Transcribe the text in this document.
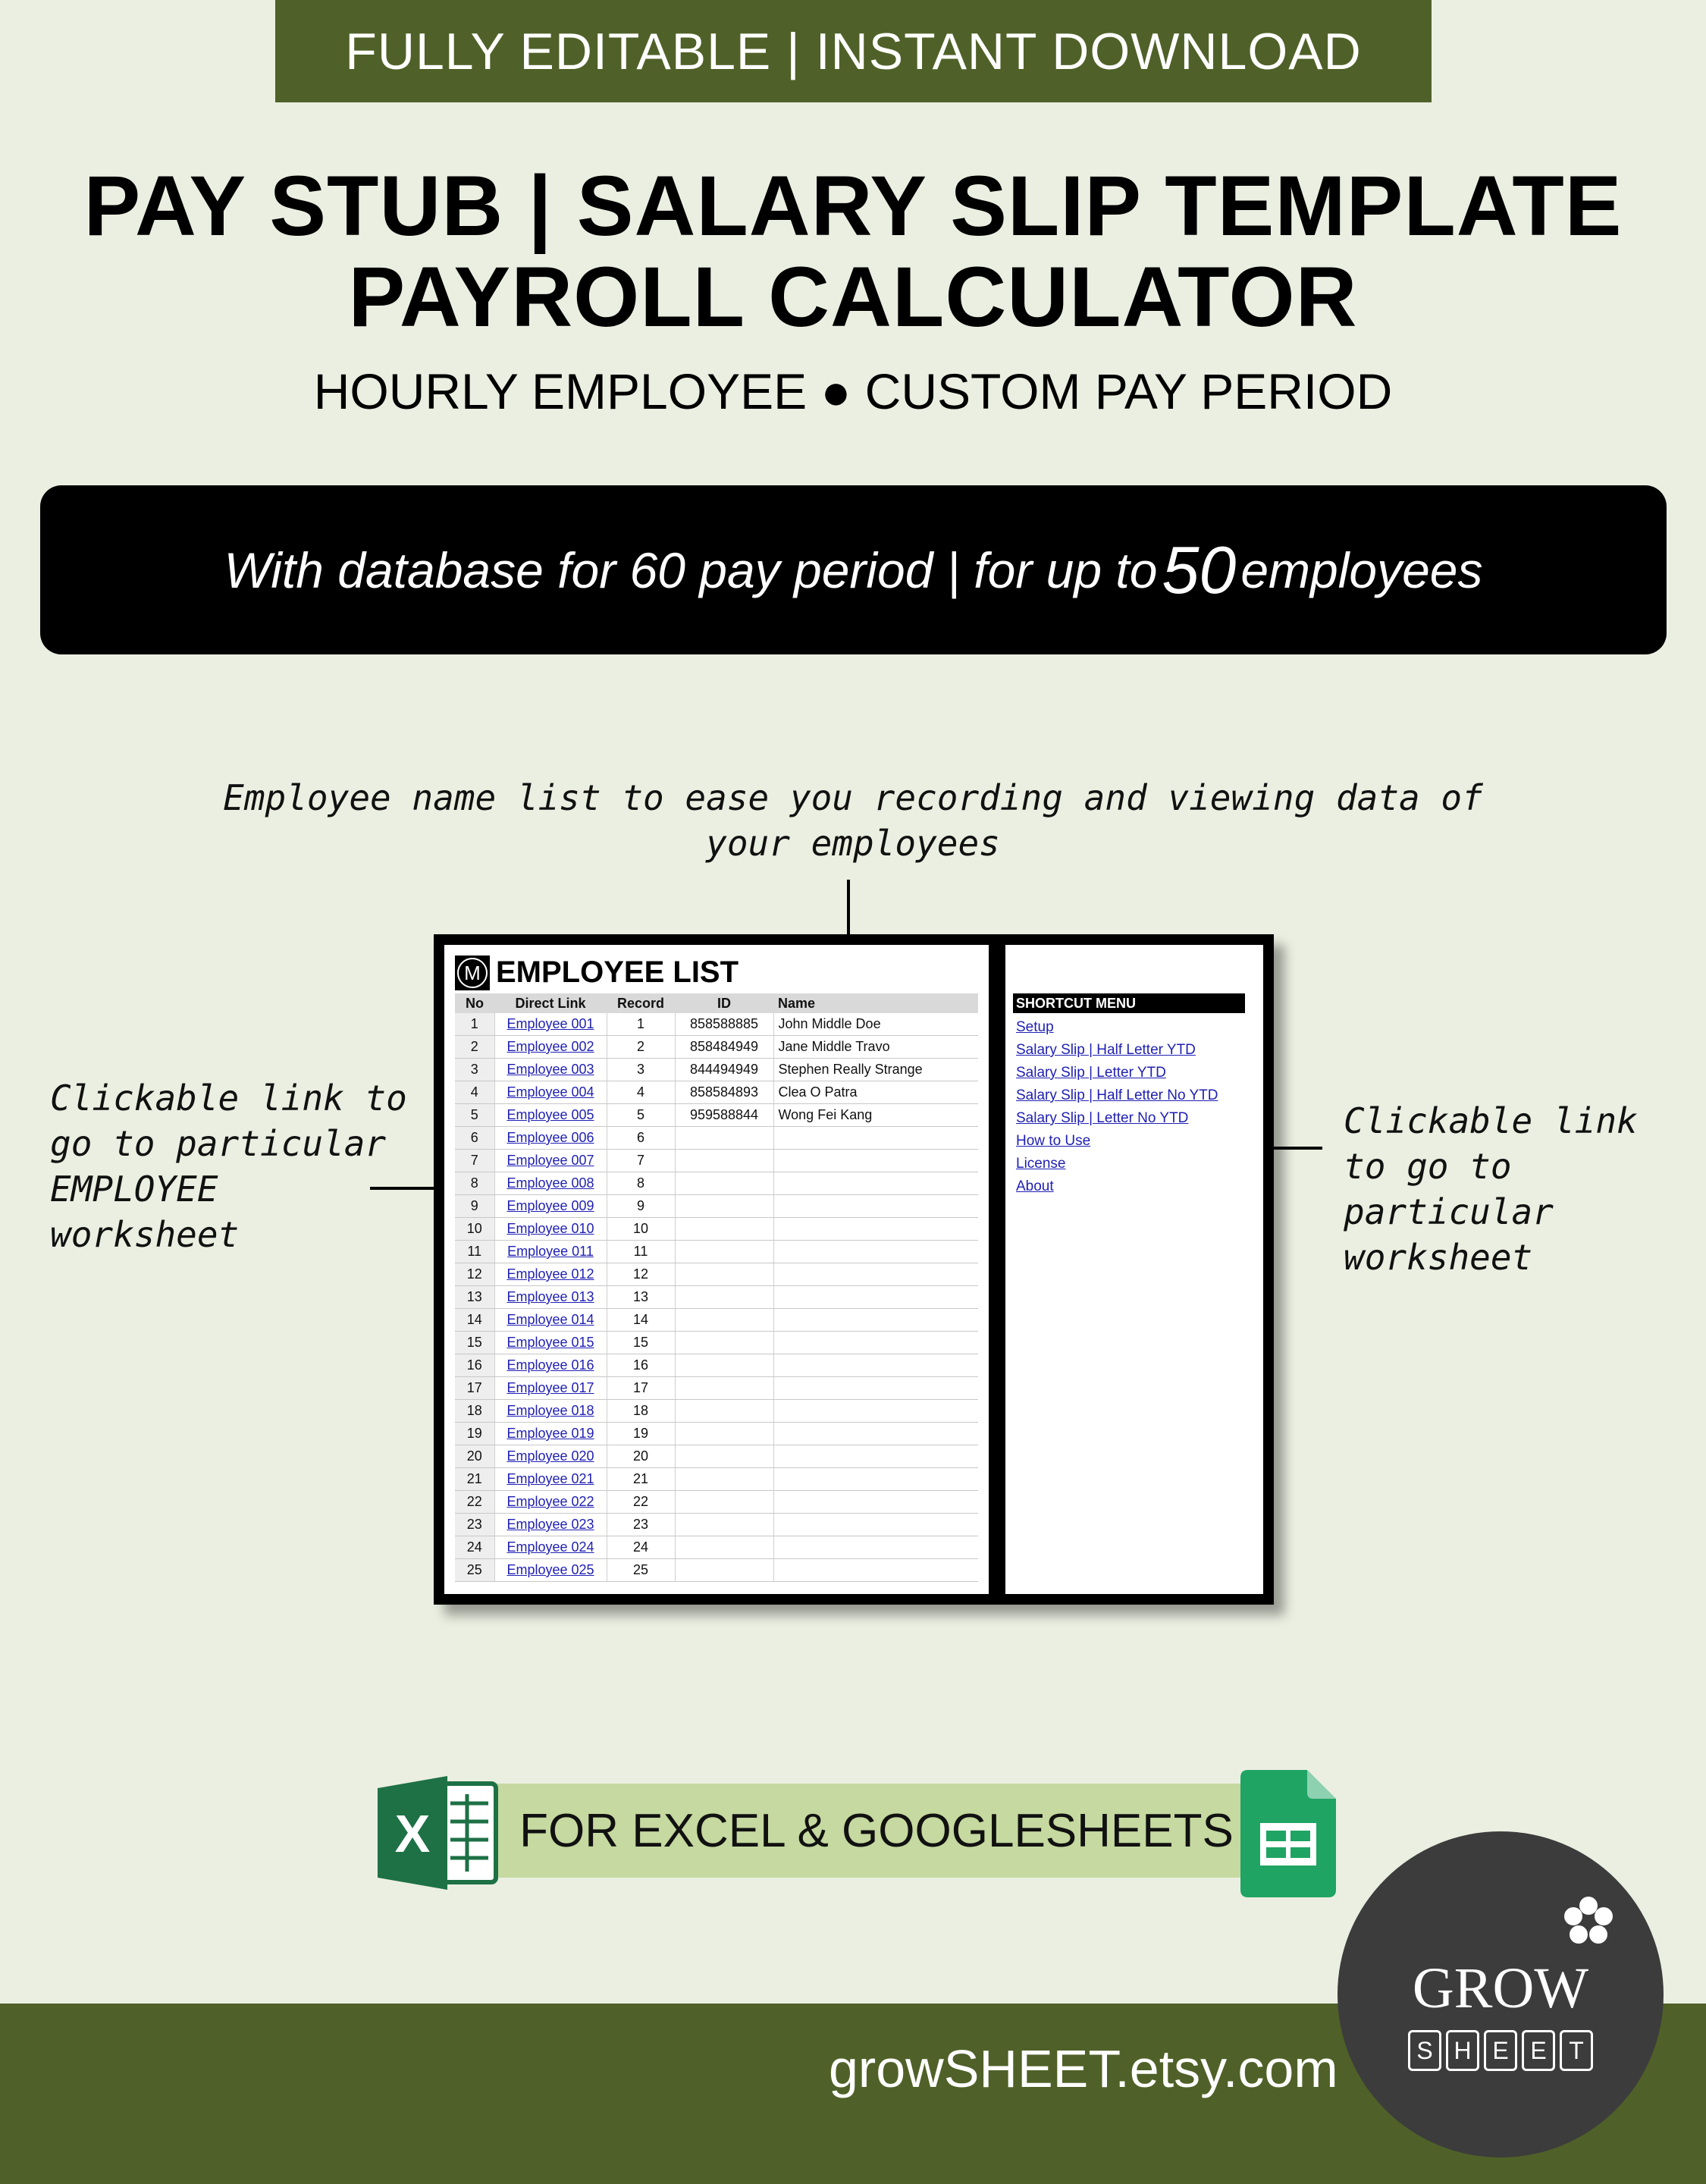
FULLY EDITABLE | INSTANT DOWNLOAD
PAY STUB | SALARY SLIP TEMPLATE
PAYROLL CALCULATOR
HOURLY EMPLOYEE ● CUSTOM PAY PERIOD
With database for 60 pay period | for up to 50 employees
Employee name list to ease you recording and viewing data of your employees
Clickable link to go to particular EMPLOYEE worksheet
Clickable link to go to particular worksheet
M EMPLOYEE LIST
No	Direct Link	Record	ID	Name
1	Employee 001	1	858588885	John Middle Doe
2	Employee 002	2	858484949	Jane Middle Travo
3	Employee 003	3	844494949	Stephen Really Strange
4	Employee 004	4	858584893	Clea O Patra
5	Employee 005	5	959588844	Wong Fei Kang
6	Employee 006	6		
7	Employee 007	7		
8	Employee 008	8		
9	Employee 009	9		
10	Employee 010	10		
11	Employee 011	11		
12	Employee 012	12		
13	Employee 013	13		
14	Employee 014	14		
15	Employee 015	15		
16	Employee 016	16		
17	Employee 017	17		
18	Employee 018	18		
19	Employee 019	19		
20	Employee 020	20		
21	Employee 021	21		
22	Employee 022	22		
23	Employee 023	23		
24	Employee 024	24		
25	Employee 025	25		
SHORTCUT MENU
Setup
Salary Slip | Half Letter YTD
Salary Slip | Letter YTD
Salary Slip | Half Letter No YTD
Salary Slip | Letter No YTD
How to Use
License
About
FOR EXCEL & GOOGLESHEETS
X
growSHEET.etsy.com
GROW
S H E E T
